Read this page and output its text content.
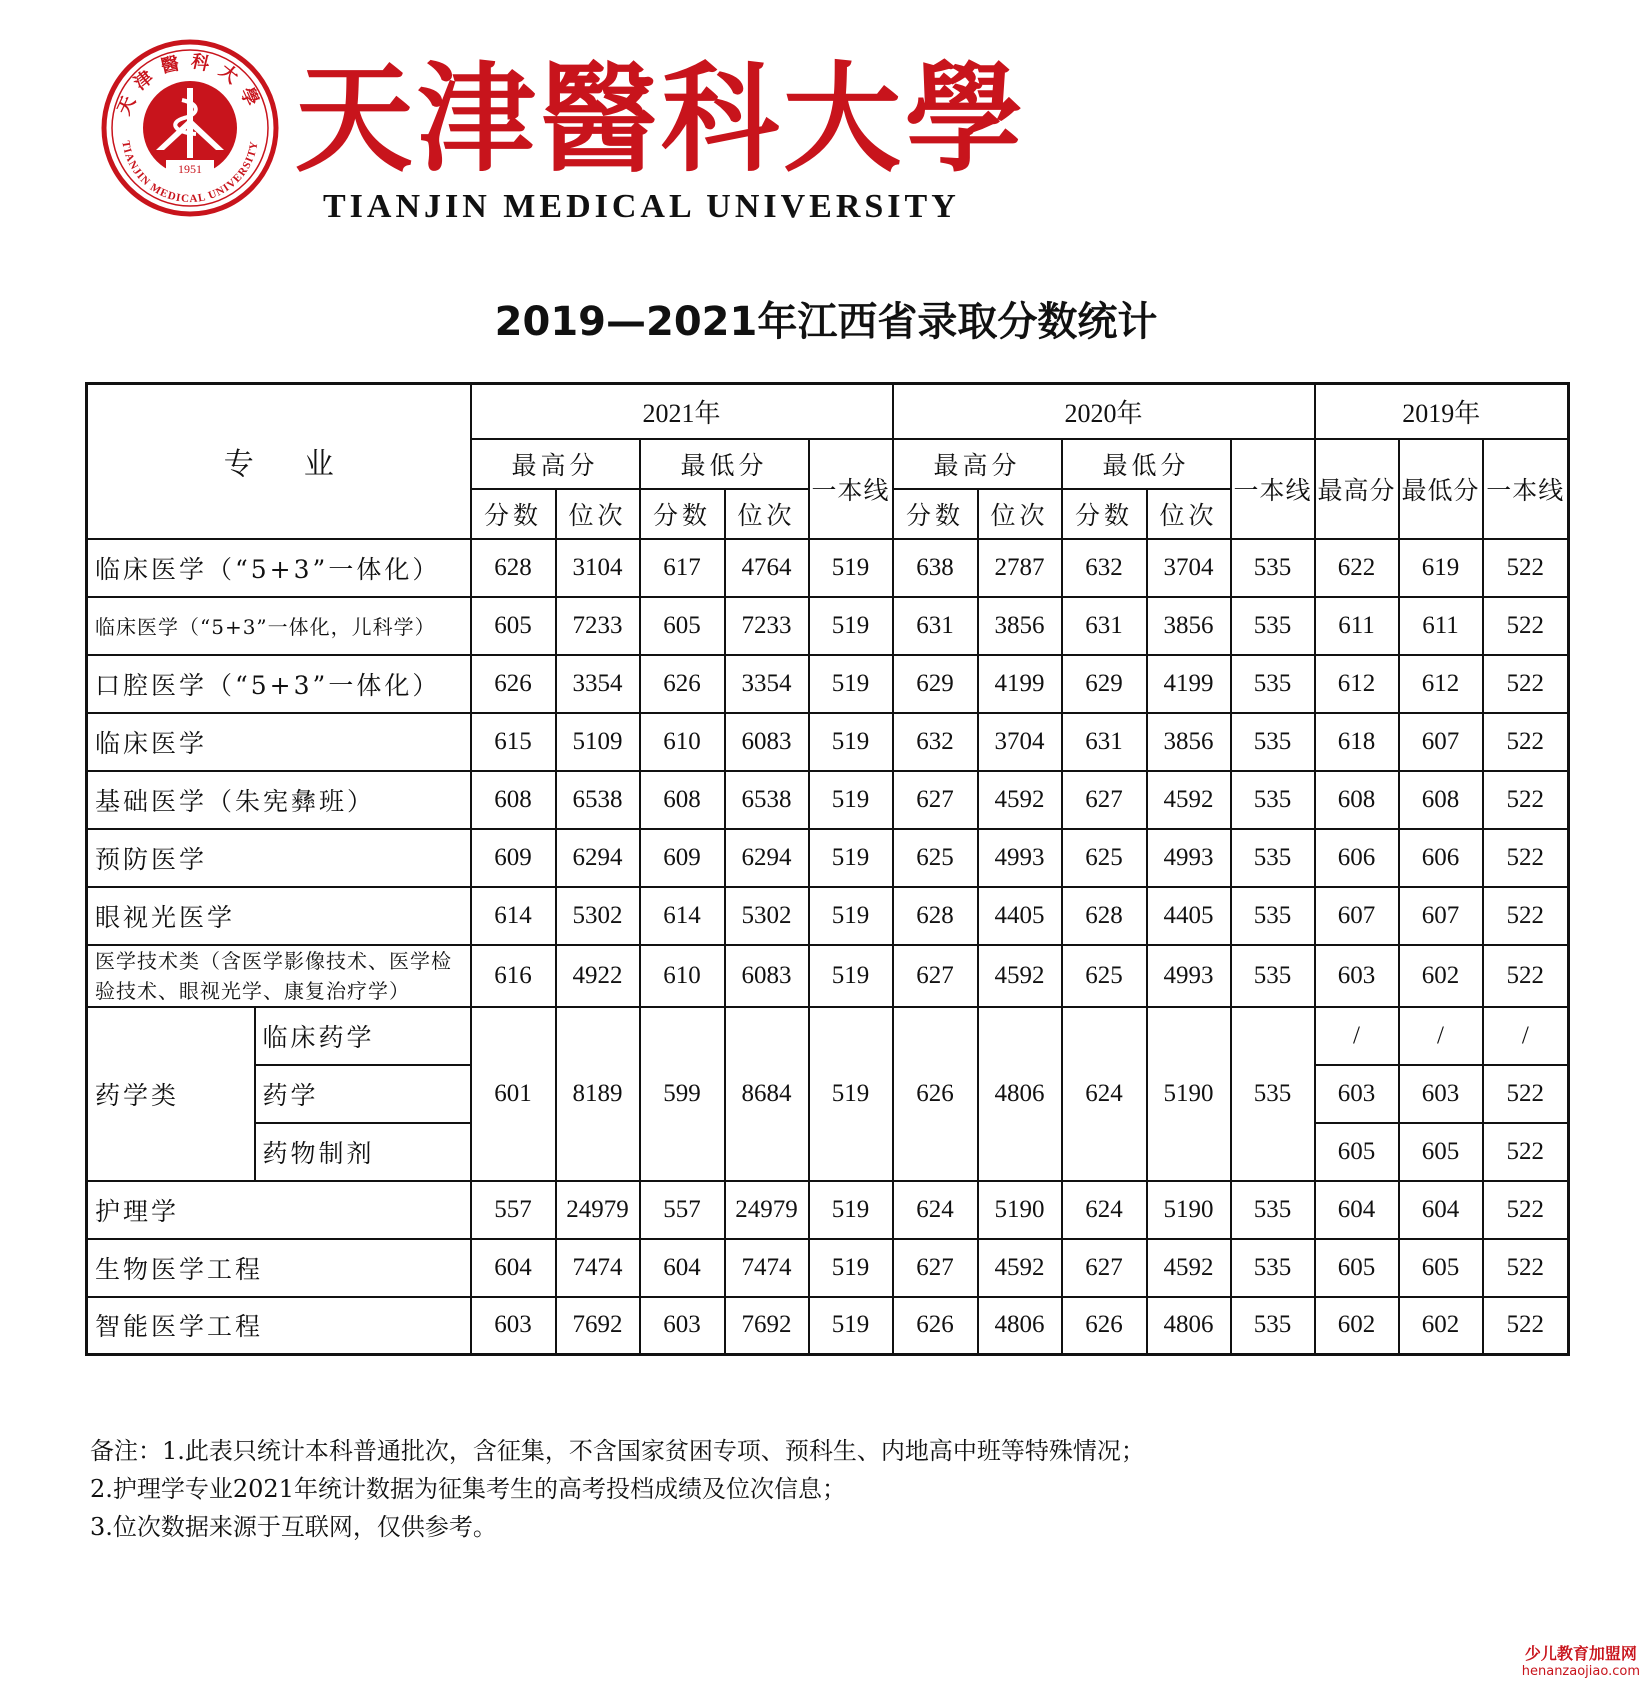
1951
天津醫科大學
TIANJIN MEDICAL UNIVERSITY 天津醫科大學
TIANJIN MEDICAL UNIVERSITY
2019—2021年江西省录取分数统计
专业		2021年					2020年					2019年		
		最高分		最低分		一本线	最高分		最低分		一本线	最高分	最低分	一本线
		分数	位次	分数	位次		分数	位次	分数	位次				
临床医学（“5+3”一体化）		628	3104	617	4764	519	638	2787	632	3704	535	622	619	522
临床医学（“5+3”一体化，儿科学）		605	7233	605	7233	519	631	3856	631	3856	535	611	611	522
口腔医学（“5+3”一体化）		626	3354	626	3354	519	629	4199	629	4199	535	612	612	522
临床医学		615	5109	610	6083	519	632	3704	631	3856	535	618	607	522
基础医学（朱宪彝班）		608	6538	608	6538	519	627	4592	627	4592	535	608	608	522
预防医学		609	6294	609	6294	519	625	4993	625	4993	535	606	606	522
眼视光医学		614	5302	614	5302	519	628	4405	628	4405	535	607	607	522
医学技术类（含医学影像技术、医学检验技术、眼视光学、康复治疗学）		616	4922	610	6083	519	627	4592	625	4993	535	603	602	522
药学类	临床药学	601	8189	599	8684	519	626	4806	624	5190	535	/	/	/
	药学											603	603	522
	药物制剂											605	605	522
护理学		557	24979	557	24979	519	624	5190	624	5190	535	604	604	522
生物医学工程		604	7474	604	7474	519	627	4592	627	4592	535	605	605	522
智能医学工程		603	7692	603	7692	519	626	4806	626	4806	535	602	602	522
备注：1.此表只统计本科普通批次，含征集，不含国家贫困专项、预科生、内地高中班等特殊情况；
2.护理学专业2021年统计数据为征集考生的高考投档成绩及位次信息；
3.位次数据来源于互联网，仅供参考。
少儿教育加盟网
henanzaojiao.com
